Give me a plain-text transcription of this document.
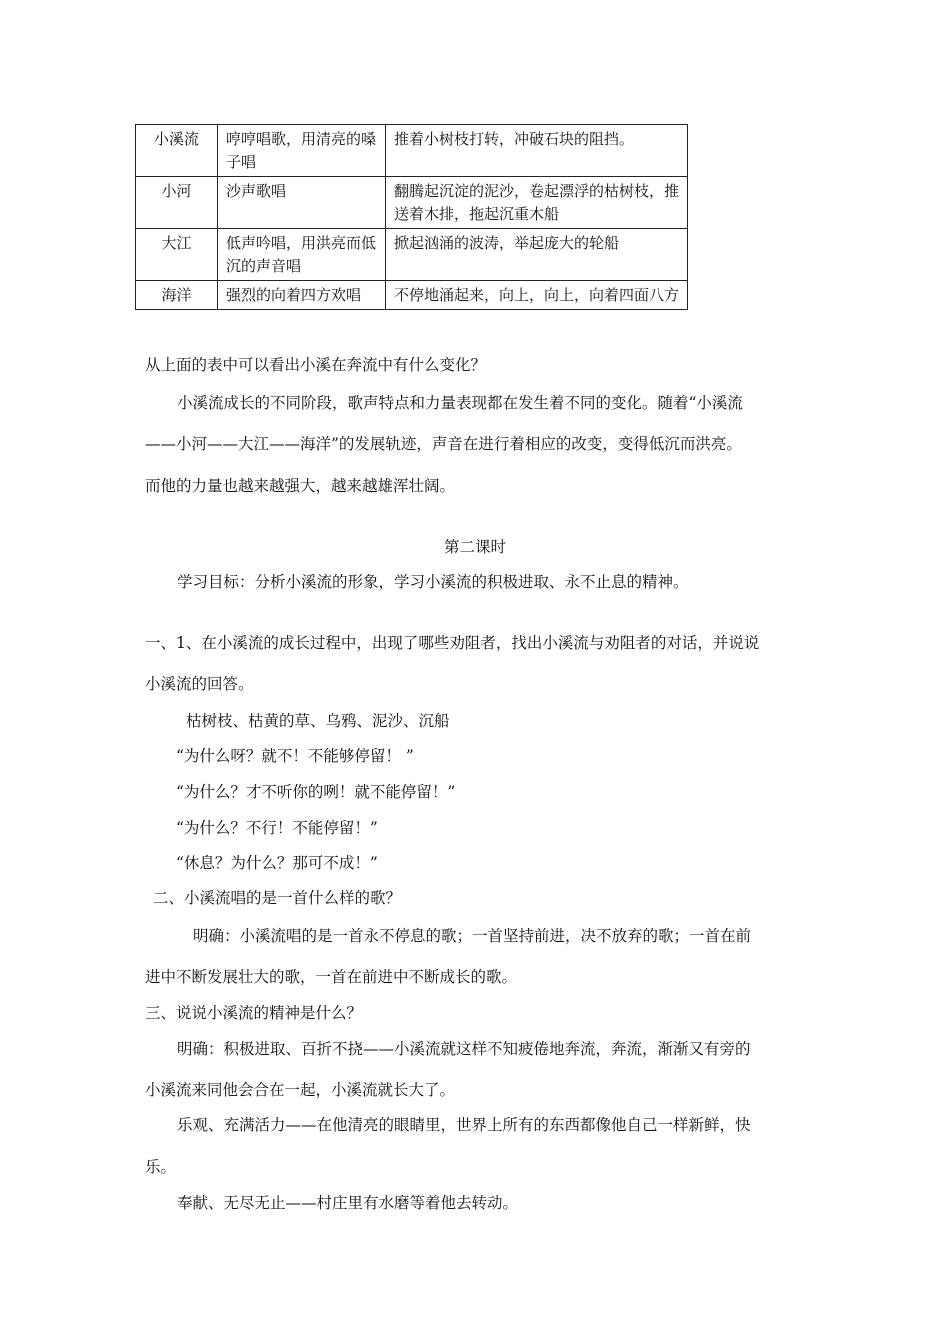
小溪流	哼哼唱歌，用清亮的嗓子唱	推着小树枝打转，冲破石块的阻挡。
小河	沙声歌唱	翻腾起沉淀的泥沙，卷起漂浮的枯树枝，推送着木排，拖起沉重木船
大江	低声吟唱，用洪亮而低沉的声音唱	掀起汹涌的波涛，举起庞大的轮船
海洋	强烈的向着四方欢唱	不停地涌起来，向上，向上，向着四面八方
从上面的表中可以看出小溪在奔流中有什么变化？
小溪流成长的不同阶段，歌声特点和力量表现都在发生着不同的变化。随着“小溪流
——小河——大江——海洋”的发展轨迹，声音在进行着相应的改变，变得低沉而洪亮。
而他的力量也越来越强大，越来越雄浑壮阔。
第二课时
学习目标：分析小溪流的形象，学习小溪流的积极进取、永不止息的精神。
一、1、在小溪流的成长过程中，出现了哪些劝阻者，找出小溪流与劝阻者的对话，并说说
小溪流的回答。
枯树枝、枯黄的草、乌鸦、泥沙、沉船
“为什么呀？就不！不能够停留！ ”
“为什么？才不听你的咧！就不能停留！”
“为什么？不行！不能停留！”
“休息？为什么？那可不成！”
二、小溪流唱的是一首什么样的歌？
明确：小溪流唱的是一首永不停息的歌；一首坚持前进，决不放弃的歌；一首在前
进中不断发展壮大的歌，一首在前进中不断成长的歌。
三、说说小溪流的精神是什么？
明确：积极进取、百折不挠——小溪流就这样不知疲倦地奔流，奔流，渐渐又有旁的
小溪流来同他会合在一起，小溪流就长大了。
乐观、充满活力——在他清亮的眼睛里，世界上所有的东西都像他自己一样新鲜，快
乐。
奉献、无尽无止——村庄里有水磨等着他去转动。
